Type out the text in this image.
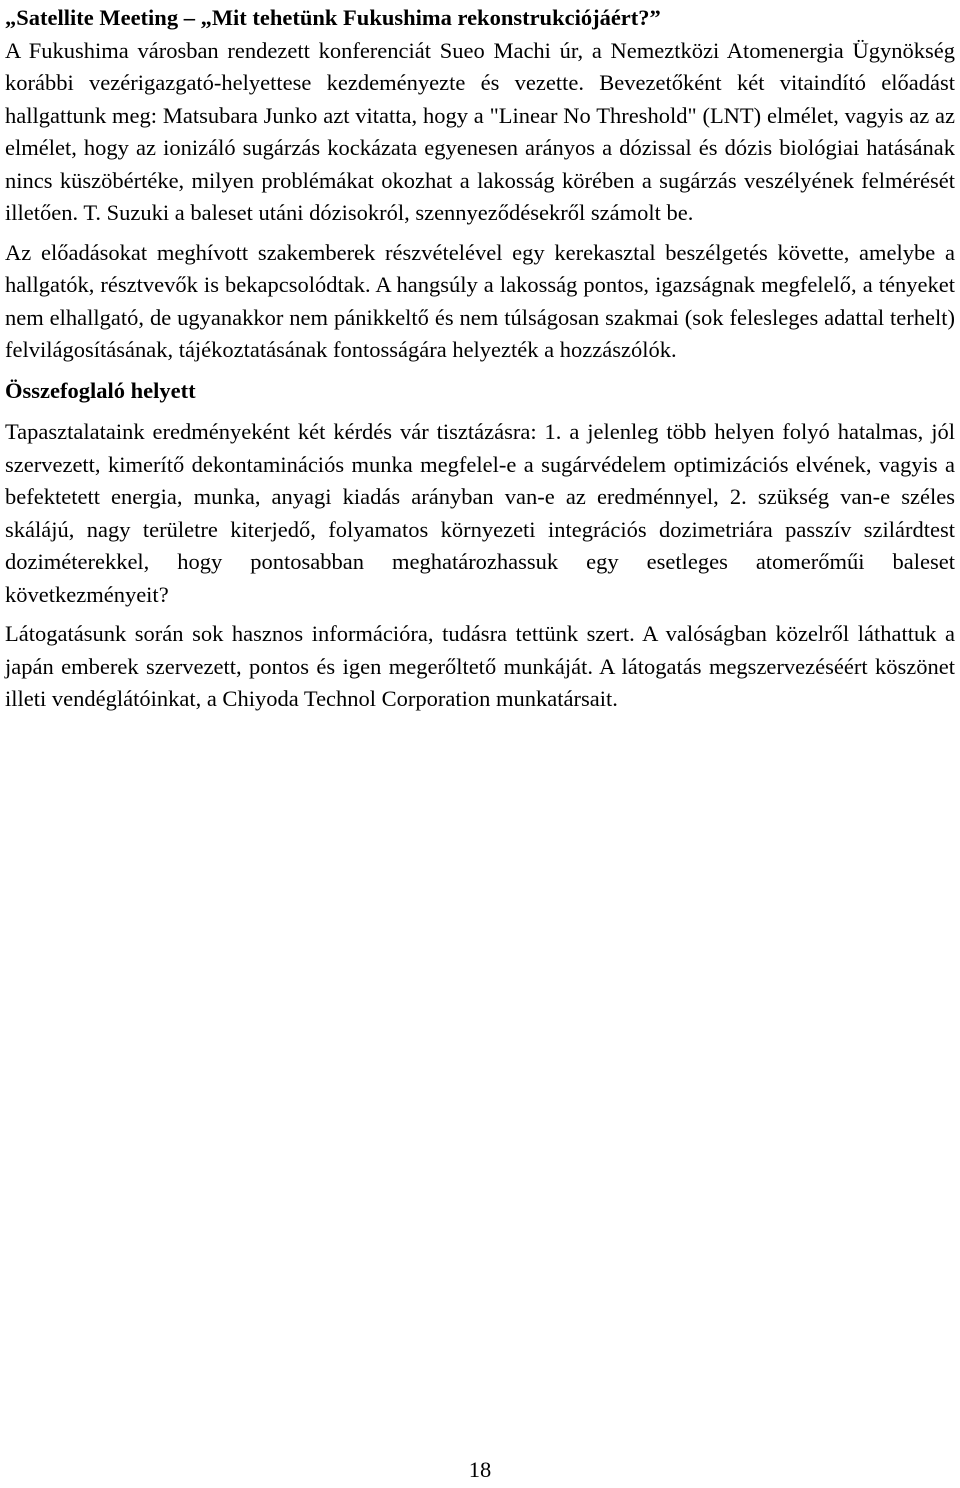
„Satellite Meeting – „Mit tehetünk Fukushima rekonstrukciójáért?”

A Fukushima városban rendezett konferenciát Sueo Machi úr, a Nemeztközi Atomenergia Ügynökség korábbi vezérigazgató-helyettese kezdeményezte és vezette. Bevezetőként két vitaindító előadást hallgattunk meg: Matsubara Junko azt vitatta, hogy a "Linear No Threshold" (LNT) elmélet, vagyis az az elmélet, hogy az ionizáló sugárzás kockázata egyenesen arányos a dózissal és dózis biológiai hatásának nincs küszöbértéke, milyen problémákat okozhat a lakosság körében a sugárzás veszélyének felmérését illetően. T. Suzuki a baleset utáni dózisokról, szennyeződésekről számolt be.

Az előadásokat meghívott szakemberek részvételével egy kerekasztal beszélgetés követte, amelybe a hallgatók, résztvevők is bekapcsolódtak. A hangsúly a lakosság pontos, igazságnak megfelelő, a tényeket nem elhallgató, de ugyanakkor nem pánikkeltő és nem túlságosan szakmai (sok felesleges adattal terhelt) felvilágosításának, tájékoztatásának fontosságára helyezték a hozzászólók.

Összefoglaló helyett

Tapasztalataink eredményeként két kérdés vár tisztázásra: 1. a jelenleg több helyen folyó hatalmas, jól szervezett, kimerítő dekontaminációs munka megfelel-e a sugárvédelem optimizációs elvének, vagyis a befektetett energia, munka, anyagi kiadás arányban van-e az eredménnyel, 2. szükség van-e széles skálájú, nagy területre kiterjedő, folyamatos környezeti integrációs dozimetriára passzív szilárdtest doziméterekkel, hogy pontosabban meghatározhassuk egy esetleges atomerőműi baleset következményeit?

Látogatásunk során sok hasznos információra, tudásra tettünk szert. A valóságban közelről láthattuk a japán emberek szervezett, pontos és igen megerőltető munkáját. A látogatás megszervezéséért köszönet illeti vendéglátóinkat, a Chiyoda Technol Corporation munkatársait.

18
